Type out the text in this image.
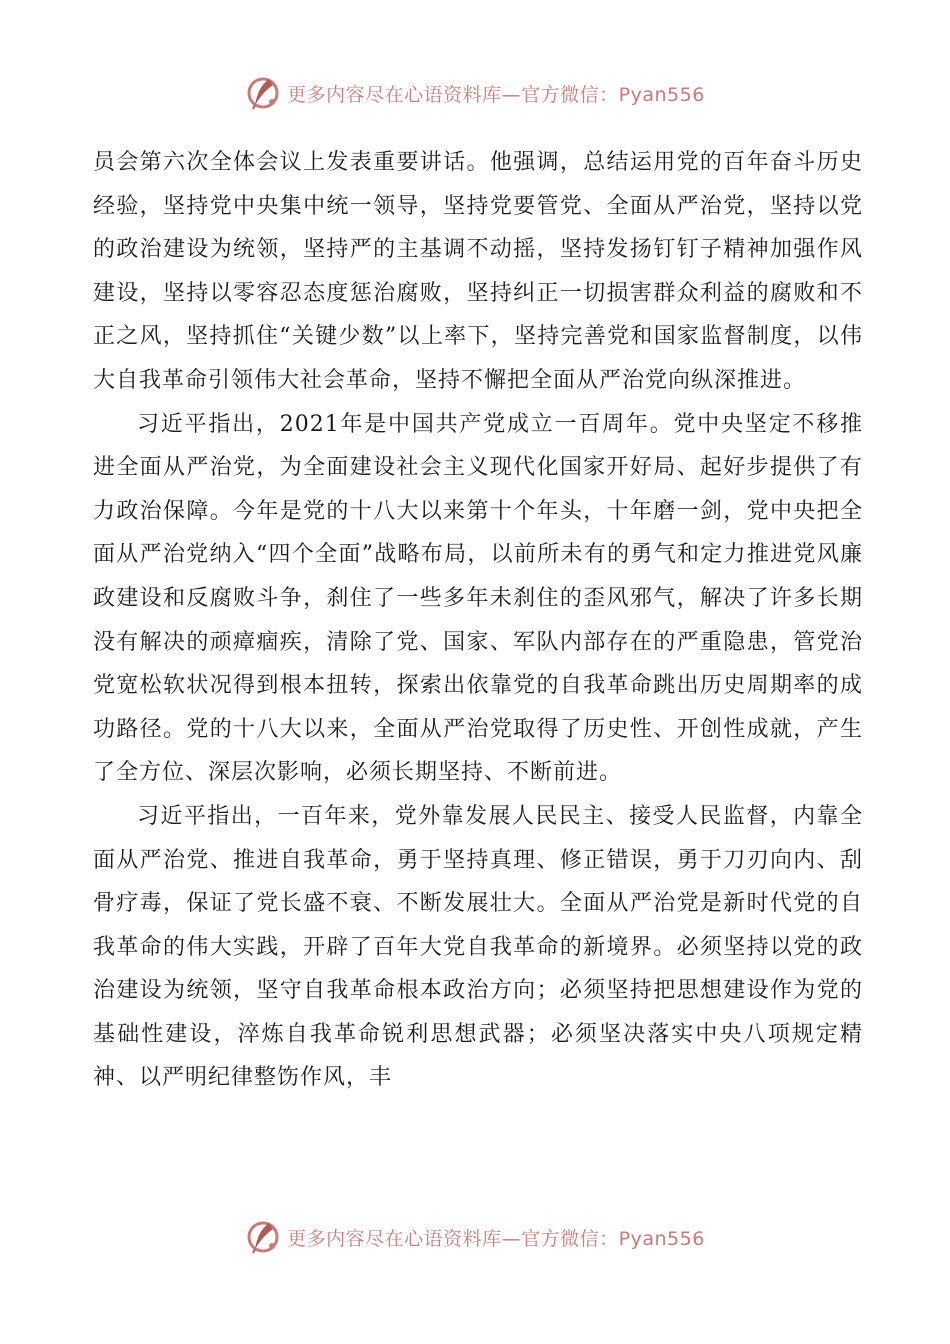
更多内容尽在心语资料库—官方微信：Pyan556

员会第六次全体会议上发表重要讲话。他强调，总结运用党的百年奋斗历史经验，坚持党中央集中统一领导，坚持党要管党、全面从严治党，坚持以党的政治建设为统领，坚持严的主基调不动摇，坚持发扬钉钉子精神加强作风建设，坚持以零容忍态度惩治腐败，坚持纠正一切损害群众利益的腐败和不正之风，坚持抓住“关键少数”以上率下，坚持完善党和国家监督制度，以伟大自我革命引领伟大社会革命，坚持不懈把全面从严治党向纵深推进。

习近平指出，2021年是中国共产党成立一百周年。党中央坚定不移推进全面从严治党，为全面建设社会主义现代化国家开好局、起好步提供了有力政治保障。今年是党的十八大以来第十个年头，十年磨一剑，党中央把全面从严治党纳入“四个全面”战略布局，以前所未有的勇气和定力推进党风廉政建设和反腐败斗争，刹住了一些多年未刹住的歪风邪气，解决了许多长期没有解决的顽瘴痼疾，清除了党、国家、军队内部存在的严重隐患，管党治党宽松软状况得到根本扭转，探索出依靠党的自我革命跳出历史周期率的成功路径。党的十八大以来，全面从严治党取得了历史性、开创性成就，产生了全方位、深层次影响，必须长期坚持、不断前进。

习近平指出，一百年来，党外靠发展人民民主、接受人民监督，内靠全面从严治党、推进自我革命，勇于坚持真理、修正错误，勇于刀刃向内、刮骨疗毒，保证了党长盛不衰、不断发展壮大。全面从严治党是新时代党的自我革命的伟大实践，开辟了百年大党自我革命的新境界。必须坚持以党的政治建设为统领，坚守自我革命根本政治方向；必须坚持把思想建设作为党的基础性建设，淬炼自我革命锐利思想武器；必须坚决落实中央八项规定精神、以严明纪律整饬作风，丰

更多内容尽在心语资料库—官方微信：Pyan556
